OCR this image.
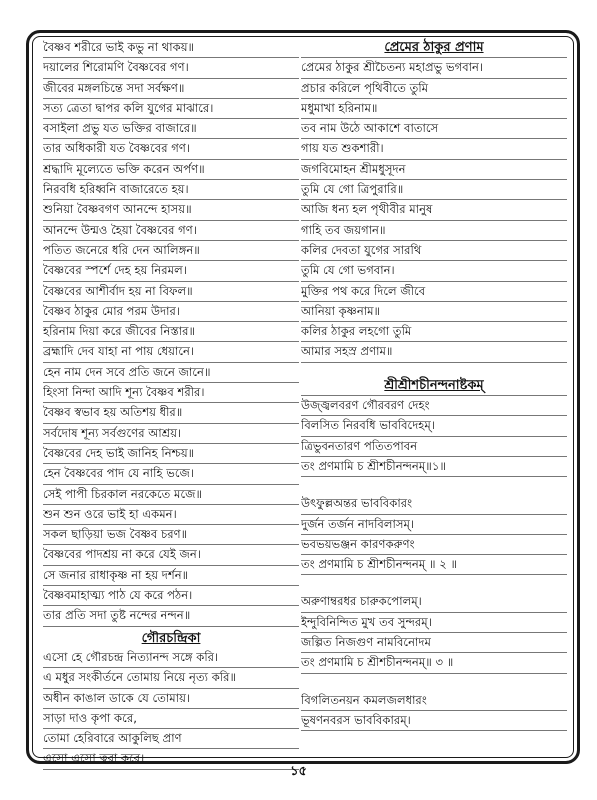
বৈষ্ণব শরীরে ভাই কভু না থাকয়॥
দয়ালের শিরোমণি বৈষ্ণবের গণ।
জীবের মঙ্গলচিন্তে সদা সর্বক্ষণ॥
সত্য ত্রেতা দ্বাপর কলি যুগের মাঝারে।
বসাইলা প্রভু যত ভক্তির বাজারে॥
তার অধিকারী যত বৈষ্ণবের গণ।
শ্রদ্ধাদি মূল্যেতে ভক্তি করেন অর্পণ॥
নিরবধি হরিধ্বনি বাজারেতে হয়।
শুনিয়া বৈষ্ণবগণ আনন্দে হাসয়॥
আনন্দে উন্মও হৈয়া বৈষ্ণবের গণ।
পতিত জনেরে ধরি দেন আলিঙ্গন॥
বৈষ্ণবের স্পর্শে দেহ হয় নিরমল।
বৈষ্ণবের আশীর্বাদ হয় না বিফল॥
বৈষ্ণব ঠাকুর মোর পরম উদার।
হরিনাম দিয়া করে জীবের নিস্তার॥
ব্রহ্মাদি দেব যাহা না পায় ধেয়ানে।
হেন নাম দেন সবে প্রতি জনে জানে॥
হিংসা নিন্দা আদি শূন্য বৈষ্ণব শরীর।
বৈষ্ণব স্বভাব হয় অতিশয় ধীর॥
সর্বদোষ শূন্য সর্বগুণের আশ্রয়।
বৈষ্ণবের দেহ ভাই জানিহ নিশ্চয়॥
হেন বৈষ্ণবের পাদ যে নাহি ভজে।
সেই পাপী চিরকাল নরকেতে মজে॥
শুন শুন ওরে ভাই হা একমন।
সকল ছাড়িয়া ভজ বৈষ্ণব চরণ॥
বৈষ্ণবের পাদশ্রয় না করে যেই জন।
সে জনার রাধাকৃষ্ণ না হয় দর্শন॥
বৈষ্ণবমাহাত্ম্য পাঠ যে করে পঠন।
তার প্রতি সদা তুষ্ট নন্দের নন্দন॥
গৌরচন্দ্রিকা
এসো হে গৌরচন্দ্র নিত্যানন্দ সঙ্গে করি।
এ মধুর সংকীর্তনে তোমায় নিয়ে নৃত্য করি॥
অধীন কাঙাল ডাকে যে তোমায়।
সাড়া দাও কৃপা করে,
তোমা হেরিবারে আকুলিছ প্রাণ
এসো এসো ত্বরা করে।
প্রেমের ঠাকুর প্রণাম
প্রেমের ঠাকুর শ্রীচৈতন্য মহাপ্রভু ভগবান।
প্রচার করিলে পৃথিবীতে তুমি
মধুমাখা হরিনাম॥
তব নাম উঠে আকাশে বাতাসে
গায় যত শুকশারী।
জগবিমোহন শ্রীমধুসূদন
তুমি যে গো ত্রিপুরারি॥
আজি ধন্য হল পৃথীবীর মানুষ
গাহি তব জয়গান॥
কলির দেবতা যুগের সারথি
তুমি যে গো ভগবান।
মুক্তির পথ করে দিলে জীবে
আনিয়া কৃষ্ণনাম॥
কলির ঠাকুর লহগো তুমি
আমার সহস্র প্রণাম॥
শ্রীশ্রীশচীনন্দনাষ্টকম্
উজ্জ্বলবরণ গৌরবরণ দেহং
বিলসিত নিরবধি ভাববিদেহম্।
ত্রিভুবনতারণ পতিতপাবন
তং প্রণমামি চ শ্রীশচীনন্দনম্॥১॥
উৎফুল্লঅন্তর ভাববিকারং
দুর্জন তর্জন নাদবিলাসম্।
ভবভয়ভঞ্জন কারণকরুণং
তং প্রণমামি চ শ্রীশচীনন্দনম্ ॥ ২ ॥
অরুণাম্বরধর চারুকপোলম্।
ইন্দুবিনিন্দিত মুখ তব সুন্দরম্।
জল্পিত নিজগুণ নামবিনোদম
তং প্রণমামি চ শ্রীশচীনন্দনম্॥ ৩ ॥
বিগলিতনয়ন কমলজলধারং
ভূষণনবরস ভাববিকারম্।
১৫
